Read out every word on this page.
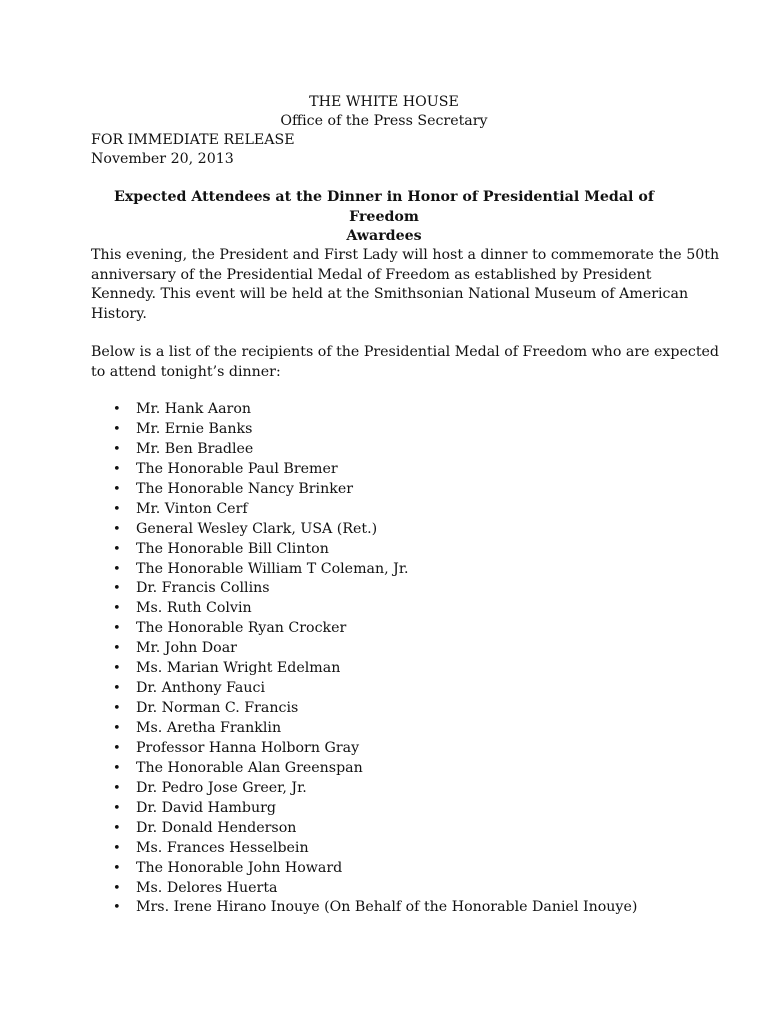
THE WHITE HOUSE
Office of the Press Secretary
FOR IMMEDIATE RELEASE
November 20, 2013
Expected Attendees at the Dinner in Honor of Presidential Medal of Freedom
Awardees

This evening, the President and First Lady will host a dinner to commemorate the 50th

anniversary of the Presidential Medal of Freedom as established by President

Kennedy. This event will be held at the Smithsonian National Museum of American

History.

Below is a list of the recipients of the Presidential Medal of Freedom who are expected

to attend tonight’s dinner:

• Mr. Hank Aaron
• Mr. Ernie Banks
• Mr. Ben Bradlee
• The Honorable Paul Bremer
• The Honorable Nancy Brinker
• Mr. Vinton Cerf
• General Wesley Clark, USA (Ret.)
• The Honorable Bill Clinton
• The Honorable William T Coleman, Jr.
• Dr. Francis Collins
• Ms. Ruth Colvin
• The Honorable Ryan Crocker
• Mr. John Doar
• Ms. Marian Wright Edelman
• Dr. Anthony Fauci
• Dr. Norman C. Francis
• Ms. Aretha Franklin
• Professor Hanna Holborn Gray
• The Honorable Alan Greenspan
• Dr. Pedro Jose Greer, Jr.
• Dr. David Hamburg
• Dr. Donald Henderson
• Ms. Frances Hesselbein
• The Honorable John Howard
• Ms. Delores Huerta
• Mrs. Irene Hirano Inouye (On Behalf of the Honorable Daniel Inouye)
